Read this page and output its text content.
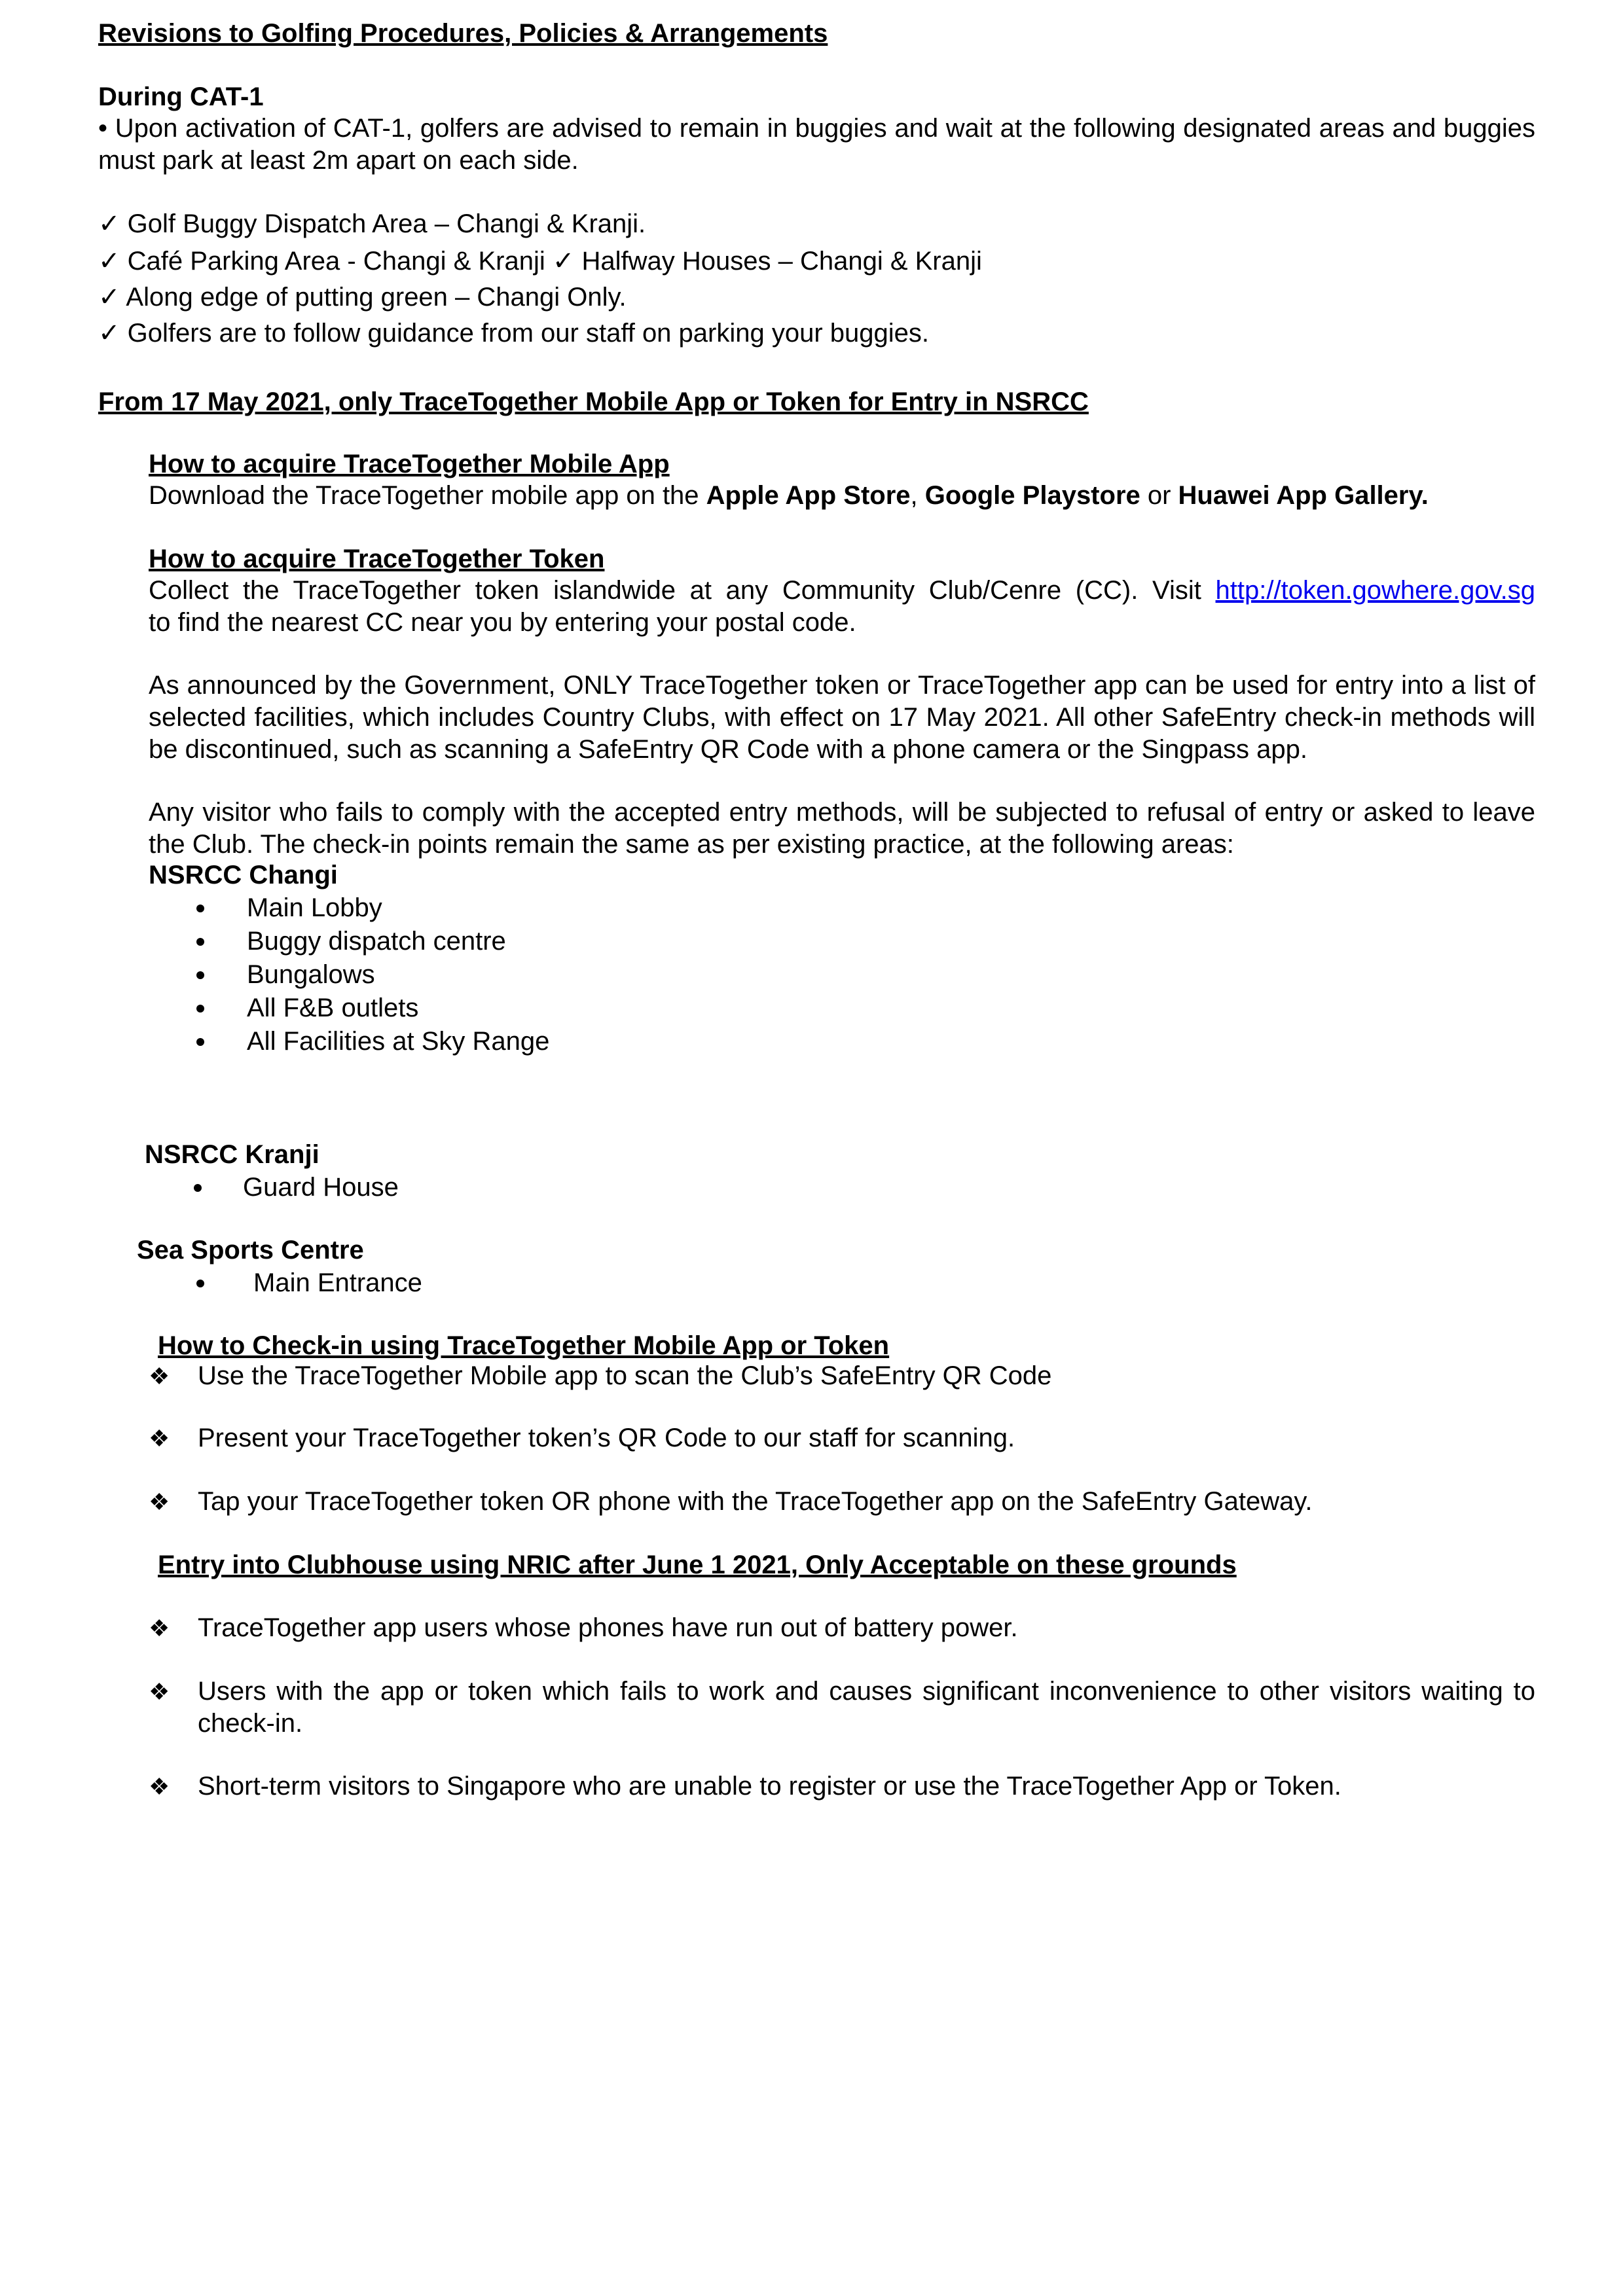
Revisions to Golfing Procedures, Policies & Arrangements
During CAT-1
• Upon activation of CAT-1, golfers are advised to remain in buggies and wait at the following designated areas and buggies must park at least 2m apart on each side.
✓ Golf Buggy Dispatch Area – Changi & Kranji.
✓ Café Parking Area - Changi & Kranji ✓ Halfway Houses – Changi & Kranji
✓ Along edge of putting green – Changi Only.
✓ Golfers are to follow guidance from our staff on parking your buggies.
From 17 May 2021, only TraceTogether Mobile App or Token for Entry in NSRCC
How to acquire TraceTogether Mobile App
Download the TraceTogether mobile app on the Apple App Store, Google Playstore or Huawei App Gallery.
How to acquire TraceTogether Token
Collect the TraceTogether token islandwide at any Community Club/Cenre (CC). Visit http://token.gowhere.gov.sg
to find the nearest CC near you by entering your postal code.
As announced by the Government, ONLY TraceTogether token or TraceTogether app can be used for entry into a list of selected facilities, which includes Country Clubs, with effect on 17 May 2021. All other SafeEntry check-in methods will be discontinued, such as scanning a SafeEntry QR Code with a phone camera or the Singpass app.
Any visitor who fails to comply with the accepted entry methods, will be subjected to refusal of entry or asked to leave the Club. The check-in points remain the same as per existing practice, at the following areas:
NSRCC Changi
Main Lobby
Buggy dispatch centre
Bungalows
All F&B outlets
All Facilities at Sky Range
NSRCC Kranji
Guard House
Sea Sports Centre
Main Entrance
How to Check-in using TraceTogether Mobile App or Token
❖ Use the TraceTogether Mobile app to scan the Club’s SafeEntry QR Code
❖ Present your TraceTogether token’s QR Code to our staff for scanning.
❖ Tap your TraceTogether token OR phone with the TraceTogether app on the SafeEntry Gateway.
Entry into Clubhouse using NRIC after June 1 2021, Only Acceptable on these grounds
❖ TraceTogether app users whose phones have run out of battery power.
❖ Users with the app or token which fails to work and causes significant inconvenience to other visitors waiting to check-in.
❖ Short-term visitors to Singapore who are unable to register or use the TraceTogether App or Token.
